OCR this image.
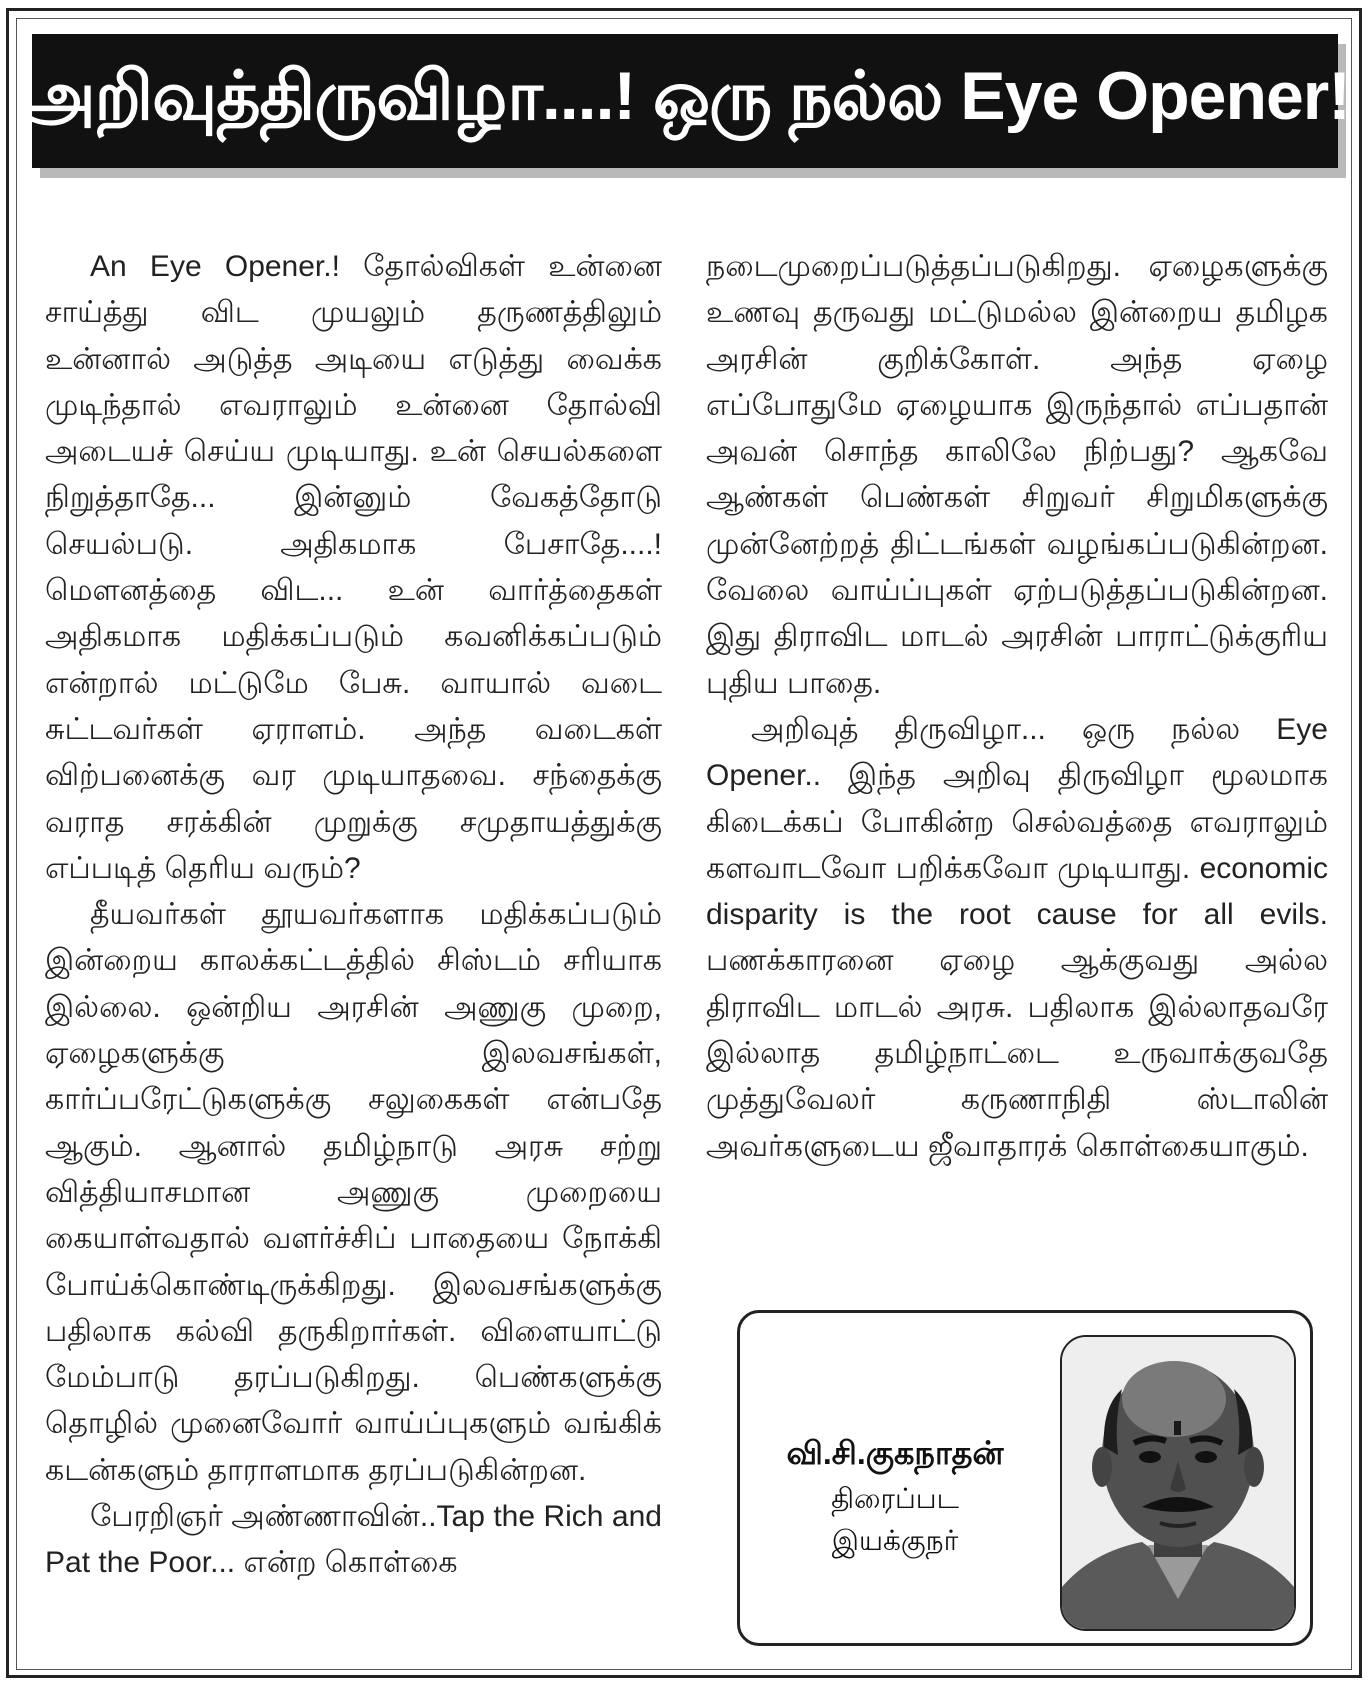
அறிவுத்திருவிழா....! ஒரு நல்ல Eye Opener!

An Eye Opener.! தோல்விகள் உன்னை சாய்த்து விட முயலும் தருணத்திலும் உன்னால் அடுத்த அடியை எடுத்து வைக்க முடிந்தால் எவராலும் உன்னை தோல்வி அடையச் செய்ய முடியாது. உன் செயல்களை நிறுத்தாதே... இன்னும் வேகத்தோடு செயல்படு. அதிகமாக பேசாதே....! மௌனத்தை விட... உன் வார்த்தைகள் அதிகமாக மதிக்கப்படும் கவனிக்கப்படும் என்றால் மட்டுமே பேசு. வாயால் வடை சுட்டவர்கள் ஏராளம். அந்த வடைகள் விற்பனைக்கு வர முடியாதவை. சந்தைக்கு வராத சரக்கின் முறுக்கு சமுதாயத்துக்கு எப்படித் தெரிய வரும்?

தீயவர்கள் தூயவர்களாக மதிக்கப்படும் இன்றைய காலக்கட்டத்தில் சிஸ்டம் சரியாக இல்லை. ஒன்றிய அரசின் அணுகு முறை, ஏழைகளுக்கு இலவசங்கள், கார்ப்பரேட்டுகளுக்கு சலுகைகள் என்பதே ஆகும். ஆனால் தமிழ்நாடு அரசு சற்று வித்தியாசமான அணுகு முறையை கையாள்வதால் வளர்ச்சிப் பாதையை நோக்கி போய்க்கொண்டிருக்கிறது. இலவசங்களுக்கு பதிலாக கல்வி தருகிறார்கள். விளையாட்டு மேம்பாடு தரப்படுகிறது. பெண்களுக்கு தொழில் முனைவோர் வாய்ப்புகளும் வங்கிக் கடன்களும் தாராளமாக தரப்படுகின்றன.

பேரறிஞர் அண்ணாவின்..Tap the Rich and Pat the Poor... என்ற கொள்கை

நடைமுறைப்படுத்தப்படுகிறது. ஏழைகளுக்கு உணவு தருவது மட்டுமல்ல இன்றைய தமிழக அரசின் குறிக்கோள். அந்த ஏழை எப்போதுமே ஏழையாக இருந்தால் எப்பதான் அவன் சொந்த காலிலே நிற்பது? ஆகவே ஆண்கள் பெண்கள் சிறுவர் சிறுமிகளுக்கு முன்னேற்றத் திட்டங்கள் வழங்கப்படுகின்றன. வேலை வாய்ப்புகள் ஏற்படுத்தப்படுகின்றன. இது திராவிட மாடல் அரசின் பாராட்டுக்குரிய புதிய பாதை.

அறிவுத் திருவிழா... ஒரு நல்ல Eye Opener.. இந்த அறிவு திருவிழா மூலமாக கிடைக்கப் போகின்ற செல்வத்தை எவராலும் களவாடவோ பறிக்கவோ முடியாது. economic disparity is the root cause for all evils. பணக்காரனை ஏழை ஆக்குவது அல்ல திராவிட மாடல் அரசு. பதிலாக இல்லாதவரே இல்லாத தமிழ்நாட்டை உருவாக்குவதே முத்துவேலர் கருணாநிதி ஸ்டாலின் அவர்களுடைய ஜீவாதாரக் கொள்கையாகும்.

வி.சி.குகநாதன்
திரைப்பட
இயக்குநர்
